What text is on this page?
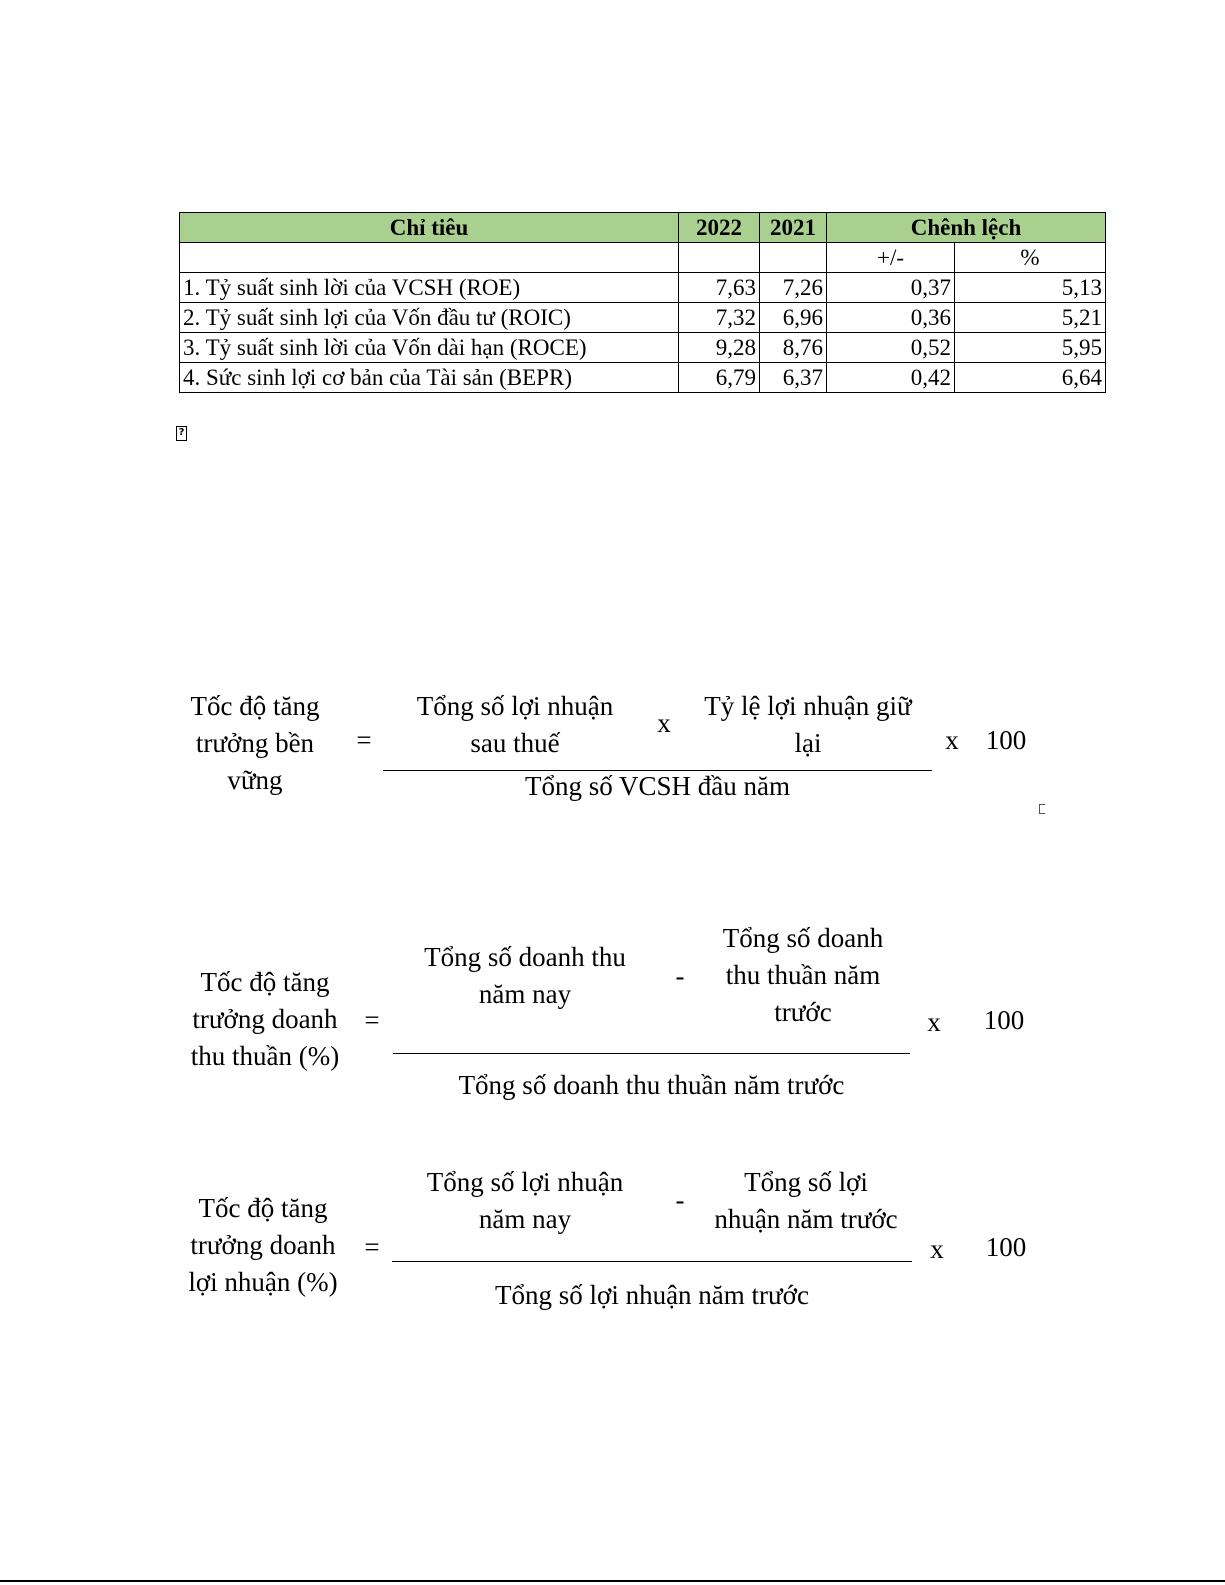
Chỉ tiêu	2022	2021	Chênh lệch	
			+/-	%
1. Tỷ suất sinh lời của VCSH (ROE)	7,63	7,26	0,37	5,13
2. Tỷ suất sinh lợi của Vốn đầu tư (ROIC)	7,32	6,96	0,36	5,21
3. Tỷ suất sinh lời của Vốn dài hạn (ROCE)	9,28	8,76	0,52	5,95
4. Sức sinh lợi cơ bản của Tài sản (BEPR)	6,79	6,37	0,42	6,64
?
Tốc độ tăng
trưởng bền
vững
=
Tổng số lợi nhuận
sau thuế
x
Tỷ lệ lợi nhuận giữ
lại
Tổng số VCSH đầu năm
x 100
Tốc độ tăng
trưởng doanh
thu thuần (%)
=
Tổng số doanh thu
năm nay
-
Tổng số doanh
thu thuần năm
trước
Tổng số doanh thu thuần năm trước
x 100
Tốc độ tăng
trưởng doanh
lợi nhuận (%)
=
Tổng số lợi nhuận
năm nay
-
Tổng số lợi
nhuận năm trước
Tổng số lợi nhuận năm trước
x 100
